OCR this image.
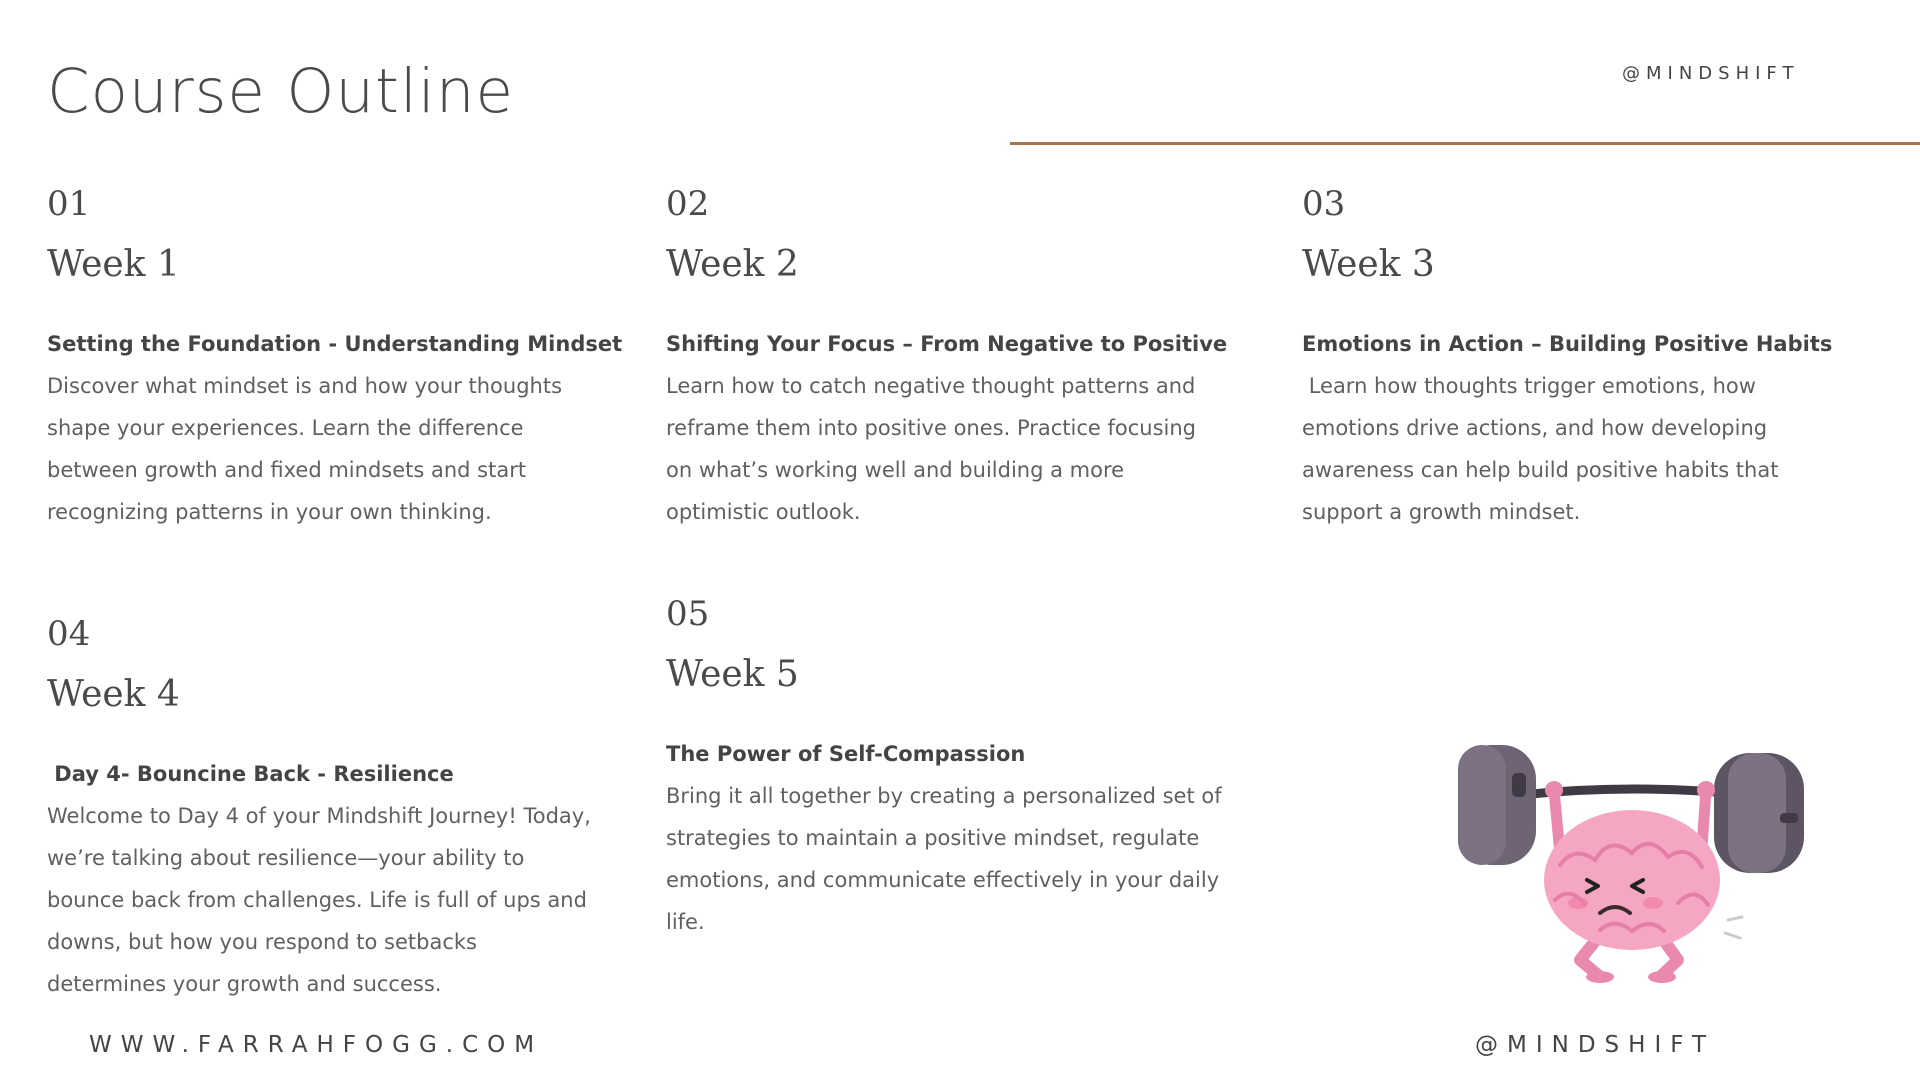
Course Outline	@MINDSHIFT
01
Week 1
Setting the Foundation - Understanding Mindset
Discover what mindset is and how your thoughts
shape your experiences. Learn the difference
between growth and fixed mindsets and start
recognizing patterns in your own thinking.
02
Week 2
Shifting Your Focus – From Negative to Positive
Learn how to catch negative thought patterns and
reframe them into positive ones. Practice focusing
on what’s working well and building a more
optimistic outlook.
03
Week 3
Emotions in Action – Building Positive Habits
Learn how thoughts trigger emotions, how
emotions drive actions, and how developing
awareness can help build positive habits that
support a growth mindset.
04
Week 4
Day 4- Bouncine Back - Resilience
Welcome to Day 4 of your Mindshift Journey! Today,
we’re talking about resilience—your ability to
bounce back from challenges. Life is full of ups and
downs, but how you respond to setbacks
determines your growth and success.
05
Week 5
The Power of Self-Compassion
Bring it all together by creating a personalized set of
strategies to maintain a positive mindset, regulate
emotions, and communicate effectively in your daily
life.
WWW.FARRAHFOGG.COM	@MINDSHIFT
